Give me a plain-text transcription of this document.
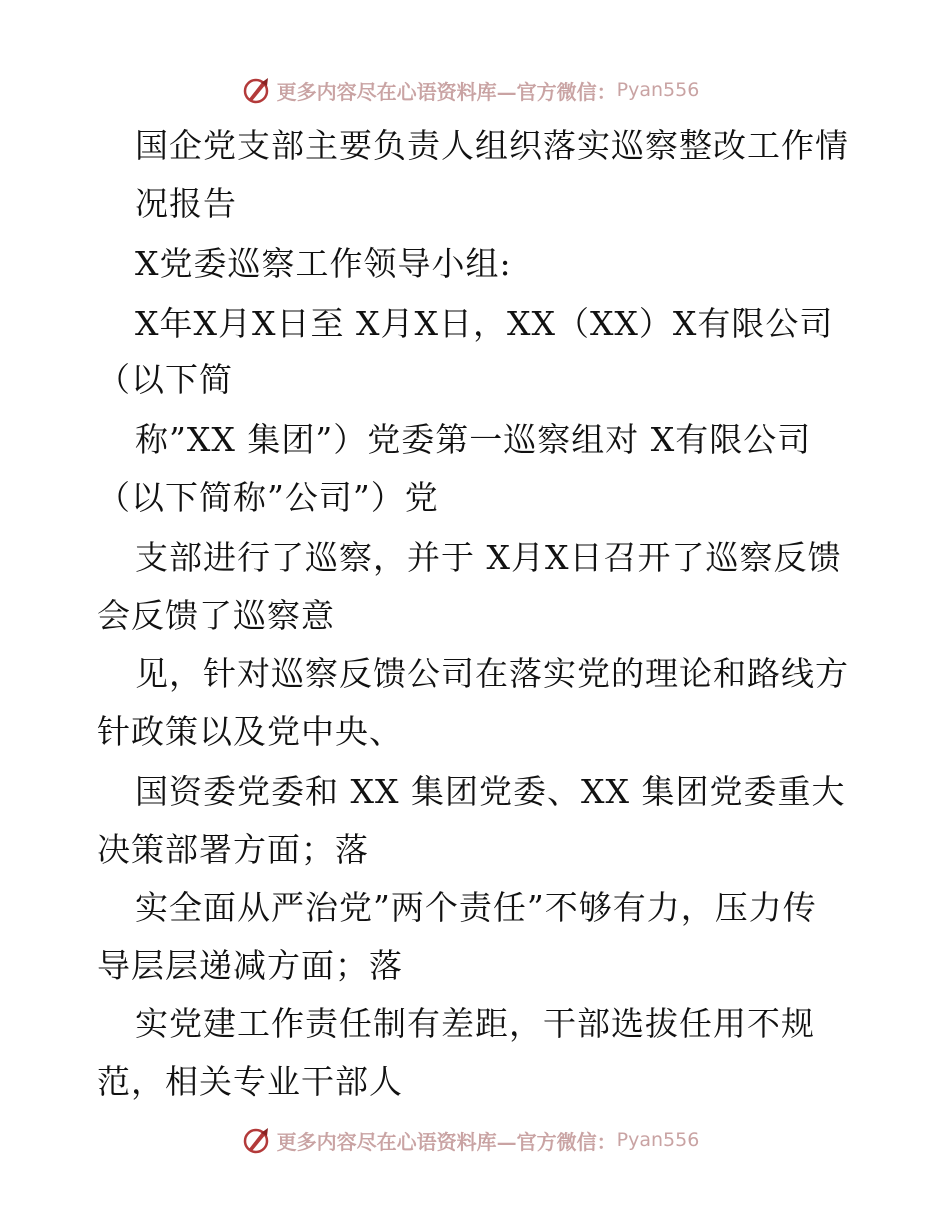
更多内容尽在心语资料库—官方微信： Pyan556
国企党支部主要负责人组织落实巡察整改工作情
况报告
X党委巡察工作领导小组:
X年X月X日至 X月X日，XX（XX）X有限公司
（以下简
称”XX 集团”）党委第一巡察组对 X有限公司
（以下简称”公司”）党
支部进行了巡察，并于 X月X日召开了巡察反馈
会反馈了巡察意
见，针对巡察反馈公司在落实党的理论和路线方
针政策以及党中央、
国资委党委和 XX 集团党委、XX 集团党委重大
决策部署方面；落
实全面从严治党”两个责任”不够有力，压力传
导层层递减方面；落
实党建工作责任制有差距，干部选拔任用不规
范，相关专业干部人
更多内容尽在心语资料库—官方微信： Pyan556
